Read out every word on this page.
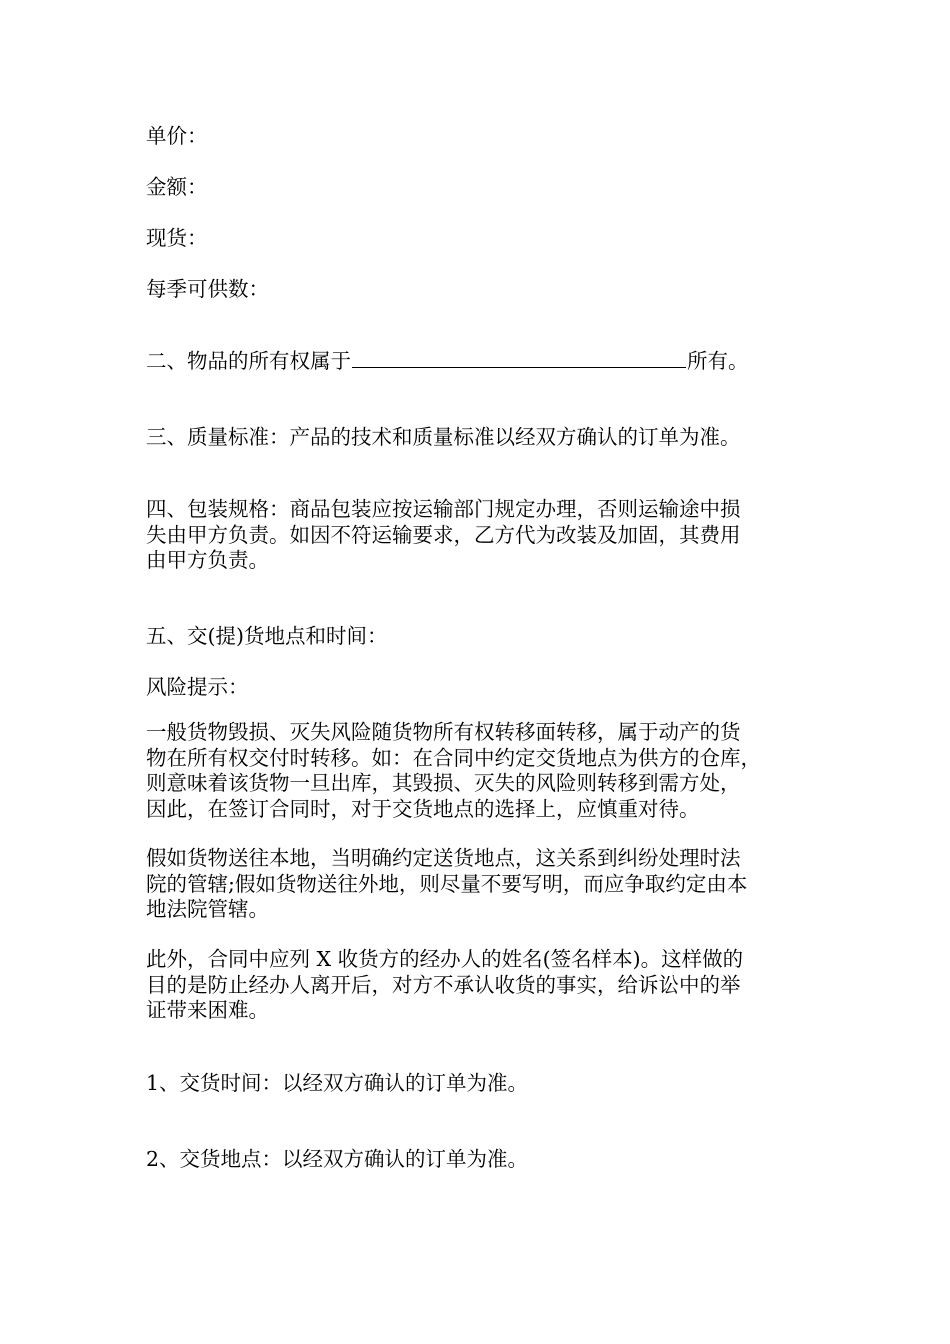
单价：

金额：

现货：

每季可供数：

二、物品的所有权属于	所有。

三、质量标准：产品的技术和质量标准以经双方确认的订单为准。

四、包装规格：商品包装应按运输部门规定办理，否则运输途中损
失由甲方负责。如因不符运输要求，乙方代为改装及加固，其费用
由甲方负责。

五、交(提)货地点和时间：

风险提示：

一般货物毁损、灭失风险随货物所有权转移面转移，属于动产的货
物在所有权交付时转移。如：在合同中约定交货地点为供方的仓库，
则意味着该货物一旦出库，其毁损、灭失的风险则转移到需方处，
因此，在签订合同时，对于交货地点的选择上，应慎重对待。

假如货物送往本地，当明确约定送货地点，这关系到纠纷处理时法
院的管辖;假如货物送往外地，则尽量不要写明，而应争取约定由本
地法院管辖。

此外，合同中应列 X 收货方的经办人的姓名(签名样本)。这样做的
目的是防止经办人离开后，对方不承认收货的事实，给诉讼中的举
证带来困难。

1、交货时间：以经双方确认的订单为准。

2、交货地点：以经双方确认的订单为准。
